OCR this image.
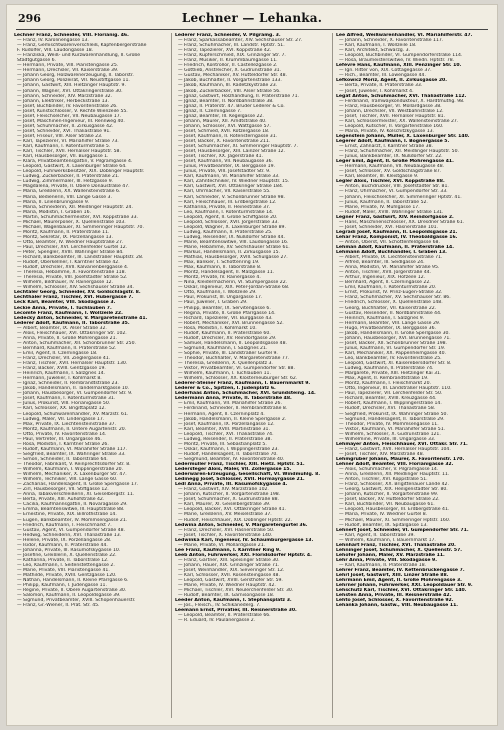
296	Lechner — Lehanka.
Lechner Franz, Schneider, VIII. Florianig. 46.
— Franz, IV. Karolinengasse 13.
— Franz, Gemischtwarenverschleiß, Kapfenbergerstraße
F. Rudolfer, VIII. Laudongasse 18.
— Franziska, Weiß- und Kurzwarenhandlung, II. Große
Stadtgutgasse 6.
— Hermann, Private, VIII. Piaristengasse 25.
— Hermann, Drechsler, VII. Kaiserstraße 39.
— Johann Georg, Holzwarenerzeugung, II. Taborstr.
— Johann Georg, Polizeirat, VII. Neustiftgasse 11.
— Johann, Gastwirt, XIII. Hietzinger Hauptstr. 9.
— Johann, Wagner, XVI. Ottakringerstraße 30.
— Johann, Schneider, XIV. Märzstraße 32.
— Johann, Elektriker, Herbeckstraße 13.
— Josef, Buchbinder, IV. Favoritenstraße 26.
— Josef, Kunstschlosser, V. Rechte Wienzeile 55.
— Josef, Fleischselcher, VII. Neubaugasse 17.
— Josef, Maschinen-Ingenieur, III. Rennweg 40.
— Josef, Schuhmacher, II. Zirkusgasse 42.
— Josef, Schneider, XVI. Thaliastraße 91.
— Josef, Friseur, VIII. Alser Straße 23.
— Karl, Tapezierer, VI. Mariahilfer Straße 73.
— Karl, Kaufmann, I. Rotenturmstraße 5.
— Karl, Tischler, XVII. Hernalser Hauptstr. 58.
— Karl, Hausbesorger, VII. Burggasse 1.
— Klara, Privatbeamtensgattin, V. Pilgramgasse 4.
— Leopold, Gastwirt, X. Laxenburger Straße 64.
— Leopold, Fuhrwerksbesitzer, XIX. Döblinger Hauptstr.
— Ludwig, Zuckerbäcker, II. Praterstraße 21.
— Ludwig, Zimmermaler, III. Hetzgasse 9.
— Magdalena, Private, II. Obere Donaustraße 47.
— Maria, Greißlerin, XX. Wallensteinstraße 6.
— Maria, Bedienerin, VIII. Lange Gasse 3.
— Maria, II. Lilienbrunngasse 9.
— Maria, Schneiderin, XII. Meidlinger Hauptstr. 24.
— Maria, Modistin, I. Graben 16.
— Martin, Schuhmachermeister, XVI. Koppstraße 33.
— Michael, Maurerpolier, X. Quellenstraße 103.
— Michael, Wagenbauer, XI. Simmeringer Hauptstr. 70.
— Moritz, Kaufmann, II. Praterstraße 11.
— Moritz, Sekretär, IX. Porzellangasse 13.
— Otto, Beamter, IV. Wiedner Hauptstraße 27.
— Paul, Drechsler, XVI. Lerchenfelder Gürtel 12.
— Peter, Spengler, XVIII. Währinger Straße 84.
— Richard, Bankbeamter, III. Landstraßer Hauptstr. 28.
— Rudolf, Oberkellner, I. Kärntner Straße 42.
— Rudolf, Drechsler, XVII. Kalvarienberggasse 4.
— Theresia, Hebamme, X. Favoritenstraße 118.
— Theresia, Private, VIII. Josefstädter Straße 52.
— Wilhelm, Bildhauer, IV. Rainergasse 12.
— Wilhelm, Schlosser, XIV. Sechshauser Straße 34.
Lechtaler Georg, Schneider, XV. Goldschlagstr. 8.
Lechthaler Franz, Tischler, XVI. Hubergasse 7.
Leck Karl, Beamter, VIII. Skodagasse 3.
Leckie Anna, Private, I. Tuchlauben 7.
Lecomte Franz, Kaufmann, I. Wollzeile 22.
Ledecky Anton, Schneider, V. Margaretenstraße 41.
Lederer Adolf, Kaufmann, II. Taborstraße 35.
— Albert, Beamter, IX. Alser Straße 32.
— Alois, Fleischhauer, XVI. Ottakringer Str. 102.
— Anna, Private, II. Große Mohrengasse 21.
— Anton, Schuhmacher, XII. Schönbrunner Str. 250.
— Bernhard, Kaufmann, II. Praterstraße 52.
— Emil, Agent, II. Czerningasse 18.
— Franz, Drechsler, VII. Zieglergasse 41.
— Franz, Tischler, XVII. Hernalser Hauptstr. 130.
— Franz, Bäcker, XVIII. Gentzgasse 19.
— Heinrich, Kaufmann, I. Salzgries 14.
— Hermann, Juwelier, I. Kohlmarkt 8.
— Ignaz, Schneider, II. Rembrandtstraße 23.
— Jakob, Handelsmann, II. Tandelmarktgasse 10.
— Johann, Hausbesorger, VI. Gumpendorfer Str. 9.
— Josef, Kaufmann, I. Rotenturmstraße 31.
— Julius, Prokurist, VIII. Florianigasse 50.
— Karl, Schlosser, XX. Brigittaplatz 12.
— Leopold, Schuhwarenhändler, XV. Märzstr. 61.
— Ludwig, Maler, VII. Lindengasse 17.
— Max, Private, IX. Liechtensteinstraße 37.
— Moritz, Kaufmann, II. Untere Augartenstr. 20.
— Otto, Private, IV. Favoritenstraße 14.
— Paul, Vertreter, III. Ungargasse 46.
— Rosa, Modistin, I. Kärntner Straße 26.
— Rudolf, Kaufmann, VI. Mariahilfer Straße 117.
— Siegfried, Beamter, IX. Währinger Straße 33.
— Simon, Schneider, II. Taborstraße 64.
— Theodor, Fabrikant, V. Reinprechtsdorfer Str. 8.
— Wilhelm, Kaufmann, I. Wipplingerstraße 20.
— Wilhelm, Mechaniker, X. Laxenburger Str. 47.
— Wilhelm, Techniker, VIII. Lange Gasse 60.
— Zacharias, Handelsagent, II. Große Sperlgasse 17.
— Zirl, Hausbesorger, VII. Stiftgasse 12.
— Anna, Tabakverschleißerin, XI. Geiselbergstr. 11.
— Berta, Private, XIII. Auhofstraße 42.
— Cäcilia, Kaufmannsgattin, II. Novaragasse 29.
— Emma, Beamtenswitwe, III. Hauptstraße 88.
— Ernestine, Private, XIX. Billrothstraße 14.
— Eugen, Bankbeamter, IV. Mommsengasse 21.
— Friedrich, Kaufmann, I. Fleischmarkt 7.
— Gustav, Agent, VI. Gumpendorfer Straße 48.
— Hedwig, Schneiderin, XVI. Thaliastraße 13.
— Helene, Private, IX. Porzellangasse 28.
— Isidor, Kaufmann, II. Praterstraße 44.
— Johanna, Private, III. Rasumofskygasse 10.
— Josefine, Greißlerin, X. Quellenstraße 22.
— Katharina, Private, II. Taborstraße 12.
— Leo, Kaufmann, I. Seitenstettengasse 2.
— Marie, Private, VIII. Piaristengasse 41.
— Mathilde, Private, XVIII. Gentzgasse 120.
— Nathan, Handelsmann, II. Kleine Pfarrgasse 6.
— Philipp, Kaufmann, I. Judengasse 11.
— Regine, Private, II. Obere Augartenstraße 30.
— Salomon, Kaufmann, II. Leopoldsgasse 39.
— Sigmund, Privatbeamter, XVIII. Schopenhauerstr.
— Franz, Gr.-Wiener, II. Prat. Str. 45.
Lederer Franz, Schneider, V. Pilgramg. 3.
— Franz, Sparkassabeamter, XIV. Sechshauser Str. 27.
— Franz, Schuhmacher, III. Landstr. Hptstr. 51.
— Franz, Tapezierer, XVI. Koppstraße 42.
— Franz, Kupferschmied, XIX. Grinzinger Str. 7.
— Franz, Musiker, II. Krummbaumgasse 11.
— Friedrich, Kontrollor, II. Castellezgasse 2.
— Gottlieb, Anstreicher, X. Gudrunstraße 31.
— Gustav, Mechaniker, XV. Hütteldorfer Str. 48.
— Jakob, Buchhalter, II. Vorgartenstraße 133.
— Jakob, Kaufmann, III. Radetzkystraße 23.
— Jakob, Zuckerbäcker, VIII. Alser Straße 56.
— Jgnaz, Gastwirt, Holzhandlung, II. Praterstraße 71.
— Jgnaz, Beamter, II. Nordbahnstraße 38.
— Jgnaz, II. Praterstr. 47. Brüder Lederer & Co.
— Jgnaz, II. Czerningasse 7.
— Jgnaz, Beamter, III. Kegelgasse 22.
— Johann, Maurer, XII. Arndtstraße 40.
— Johann, Schlosser, XVI. Wattgasse 57.
— Josef, Schmied, XVII. Rötzergasse 18.
— Josef, Kaufmann, II. Rotensterngasse 31.
— Josef, Bäcker, X. Favoritenstraße 211.
— Josef, Schuhmacher, XI. Simmeringer Hauptstr. 7.
— Josef, Hausbesorger, XIII. Lainzer Straße 12.
— Josef, Tischler, XX. Jägerstraße 41.
— Josef, Kaufmann, VII. Neubaugasse 36.
— Julius, Privatbeamter, IX. Berggasse 19.
— Julius, Private, VIII. Josefstädter Str. 9.
— Karl, Kaufmann, VI. Mariahilfer Straße 33.
— Karl, Zahntechniker, IV. Wiedner Hauptstr. 15.
— Karl, Gastwirt, XVI. Ottakringer Straße 184.
— Karl, Uhrmacher, VII. Kaiserstraße 55.
— Karl, Schneider, V. Schönbrunner Straße 98.
— Karl, Fleischhauer, III. Erdbergstraße 12.
— Katharina, Private, II. Heinestraße 37.
— Leo, Kaufmann, I. Rotenturmstraße 14.
— Leopold, Agent, II. Große Schiffgasse 20.
— Leopold, Schlosser, XVII. Jörgerstraße 33.
— Leopold, Wagner, X. Laxenburger Straße 89.
— Ludwig, Kaufmann, II. Praterstraße 25.
— Ludwig, Reisender, IX. Nußdorfer Straße 44.
— Marie, Beamtenswitwe, VIII. Laudongasse 16.
— Marie, Hebamme, XV. Sechshauser Straße 61.
— Markus, Handelsmann, II. Zirkusgasse 15.
— Mathias, Hausbesorger, XVIII. Schulgasse 27.
— Max, Bankier, I. Schottenring 19.
— Max, Kaufmann, II. Taborstraße 8.
— Moritz, Handelsagent, II. Malzgasse 11.
— Moritz, Private, IV. Rainergasse 4.
— Nina, Kleidermacherin, VI. Stumpergasse 22.
— Oskar, Ingenieur, XIX. Peter-Jordan-Straße 68.
— Otto, Kaufmann, I. Wollzeile 29.
— Paul, Prokurist, III. Ungargasse 17.
— Paul, Juwelier, I. Graben 29.
— Philipp, Beamter, IX. Servitengasse 6.
— Regina, Private, II. Große Pfarrgasse 14.
— Richard, Tapezierer, VII. Burggasse 43.
— Robert, Mechaniker, XVI. Brunnengasse 52.
— Rosa, Modistin, I. Kohlmarkt 10.
— Rudolf, Kaufmann, II. Praterstraße 60.
— Rudolf, Drechsler, XV. Reindorfgasse 29.
— Samuel, Handelsmann, II. Leopoldsgasse 48.
— Sigmund, Kaufmann, I. Salzgries 21.
— Sophie, Private, III. Landstraßer Gürtel 9.
— Theodor, Buchhalter, V. Margaretenstraße 77.
— Theresia, Greißlerin, X. Quellenplatz 3.
— Viktor, Privatbeamter, VI. Gumpendorfer Str. 88.
— Wilhelm, Kaufmann, I. Tuchlauben 11.
— Wilhelm, Schlosser, XX. Klosterneuburger Str. 62.
Lederer-Steiner Franz, Kaufmann, I. Bauernmarkt 9.
Lederer & Co., Spitzen, I. Judenplatz 6.
Lederhaas Anton, Schuhmacher, XVI. Grundsteing. 14.
Ledermann Anna, Private, II. Taborstraße 48.
— Emil, Kaufmann, VII. Mariahilfer Straße 26.
— Ferdinand, Schneider, II. Rembrandtstraße 8.
— Hermann, Agent, II. Czerninplatz 4.
— Jakob, Handelsmann, II. Kleine Sperlgasse 2.
— Josef, Kaufmann, IX. Porzellangasse 12.
— Karl, Beamter, XVIII. Martinstraße 31.
— Leopold, Tischler, XVI. Thaliastraße 74.
— Ludwig, Reisender, II. Praterstraße 38.
— Moritz, Private, III. Sebastianplatz 5.
— Oskar, Kaufmann, I. Wipplingerstraße 23.
— Rudolf, Handelsagent, II. Taborstraße 70.
— Siegmund, Beamter, IV. Favoritenstraße 40.
Ledermüller Franz, Tischler, XIII. Hietz. Hptstr. 51.
Ledersteger Alois, Maler, VII. Zollergasse 15.
Lederwaren-Erzeugung, Gesellschaft, VI. Windmühlg. 8.
Ledinegg Josef, Schlosser, XVII. Hormayrgasse 21.
Ledl Anna, Private, III. Rasumofskygasse 4.
— Franz, Gastwirt, XIV. Märzstraße 102.
— Johann, Kutscher, II. Vorgartenstraße 198.
— Josef, Schuhmacher, X. Gudrunstraße 88.
— Karl, Maurer, XI. Geiselbergstraße 39.
— Leopold, Bäcker, XVI. Ottakringer Straße 41.
— Marie, Greißlerin, XV. Meiselstraße 37.
— Rudolf, Fleischhauer, XIX. Döblinger Hptstr. 22.
Ledwina Anton, Schneider, V. Margaretengürtel 36.
— Franz, Drechsler, XVI. Hasnerstraße 50.
— Josef, Tischler, X. Favoritenstraße 140.
Ledwinka Karl, Ingenieur, IV. Schaumburgergasse 13.
— Marie, Private, VI. Mollardgasse 21.
Lee Franz, Kaufmann, I. Kärntner Ring 9.
Leeb Anton, Fuhrwerker, XXI. Floridsdorfer Hptstr. 4.
— Franz, Gärtner, XIII. Speisinger Straße 30.
— Johann, Hauer, XIX. Grinzinger Straße 71.
— Josef, Weinhändler, XIX. Sieveringer Str. 12.
— Karl, Schlosser, XVII. Rosensteingasse 48.
— Leopold, Gastwirt, XVIII. Gersthofer Str. 59.
— Marie, Private, IV. Wiedner Hauptstr. 42.
— Michael, Tischler, XVI. Neulerchenfelder Str. 30.
— Rudolf, Beamter, IX. Garnisongasse 18.
Leeder Anton, Kaufmann, I. Stephansplatz 3.
— Jos., Fleisch., IV. Schikanederg. 7.
Leemann Ernst, Privatier, III. Reisnerstraße 30.
— Leopold, Beamter, II. Praterstraße 66.
— R. Eduard, IV. Paulanergasse 2.
Lee Alfred, Weißwarenhändler, VI. Mariahilferstr. 47.
— Johann, Schneider, X. Favoritenstraße 117.
— Karl, Kaufmann, I. Wollzeile 18.
— Karl, Architekt, Schwarzg. 3.
— Leopold, Buchbinder, VI. Gumpendorferstraße 114.
— Rosa, Braumeisterswitwe, IV. Wiedn. Hptstr. 78.
Lefèvre Hans, Kaufmann, XIII. Penzinger Str. 10.
— Ign. Ritter von, XIX. Cottagegasse 37.
— Rich., Beamter, III. Löwengasse 44.
Lefkowicz Moriz, Agent, II. Zirkusgasse 20.
— Berta, Private, II. Praterstraße 33.
— Josef, Juwelier, I. Kohlmarkt 4.
Legat Anton, Schuhmacher, XVI. Thaliastraße 112.
— Ferdinand, Tramwaykondukteur, X. Hardtmuthg. 98.
— Franz, Hausbesorger, VI. Mollardgasse 38.
— Johann, Drechsler, VII. Westbahnstraße 12.
— Josef, Tischler, XVII. Hernalser Hauptstr. 81.
— Karl, Schlossermeister, XX. Wallensteinstraße 27.
— Leopold, Kutscher, II. Vorgartenstraße 160.
— Maria, Private, IV. Kolschitzkygasse 13.
Legenstein Johann, Müller, X. Laxenburger Str. 140.
Legerer Adolf, Kaufmann, I. Bognergasse 5.
— Ernst, Zahnarzt, I. Kärntner Straße 38.
— Franz, Schuhmacher, XII. Meidlinger Hauptstr. 50.
— Julius, Bankbeamter, IX. Nußdorfer Str. 22.
Leger Emil, Agent, II. Große Mohrengasse 41.
— Hermann, Kaufmann, VII. Neubaugasse 48.
— Josef, Schlosser, XV. Goldschlagstraße 87.
— Karl, Beamter, III. Kleistgasse 9.
Legler Alois, Tischler, XVI. Koppstraße 88.
— Anton, Buchdrucker, VIII. Josefstädter Str. 81.
— Franz, Uhrmacher, VI. Gumpendorfer Str. 33.
— Johann, Fleischselcher, XI. Simmeringer Hptstr. 41.
— Julius, Kaufmann, II. Taborstraße 52.
— Marie, Private, IV. Mühlgasse 17.
— Rudolf, Maler, XVIII. Währinger Straße 131.
Legner Franz, Gastwirt, XIV. Reindorfgasse 2.
— Hans, Maschinenschlosser, XX. Dresdner Straße 61.
— Josef, Schneider, XVI. Hasnerstraße 101.
Legradi Josef, Kaufmann, II. Leopoldsgasse 21.
Lehar Franz, Komponist, IV. Theobaldgasse 16.
— Anton, Oberst, VII. Schottenfeldgasse 68.
Lehman Adolf, Kaufmann, II. Praterstraße 14.
Lehmann Adolf, Buchhändler, I. Graben 13.
— Albert, Private, IX. Liechtensteinstraße 71.
— Alfred, Beamter, III. Seidlgasse 24.
— Anna, Modistin, VI. Mariahilfer Straße 95.
— Anton, Tischler, XVII. Jörgerstraße 44.
— Arthur, Ingenieur, XIX. Hofzeile 12.
— Bernhard, Agent, II. Czerningasse 22.
— Emil, Kaufmann, I. Rotenturmstraße 20.
— Ernst, Prokurist, IV. Prinz-Eugen-Straße 32.
— Franz, Schuhmacher, XV. Sechshauser Str. 86.
— Friedrich, Schlosser, X. Quellenstraße 148.
— Georg, Buchhalter, VII. Kaiserstraße 22.
— Gustav, Reisender, II. Nordbahnstraße 44.
— Heinrich, Kaufmann, I. Salzgries 9.
— Hermann, Beamter, VIII. Lange Gasse 29.
— Hugo, Privatbeamter, IX. Berggasse 36.
— Jakob, Handelsmann, II. Große Sperlgasse 30.
— Johann, Hausbesorger, XVI. Brunnengasse 71.
— Josef, Bäcker, XII. Schönbrunner Straße 198.
— Julius, Kaufmann, VI. Gumpendorfer Str. 19.
— Karl, Mechaniker, XX. Pappenheimgasse 40.
— Leo, Bankbeamter, IV. Favoritenstraße 25.
— Leopold, Gastwirt, XI. Kaiserebersdorfer Str. 8.
— Ludwig, Kaufmann, II. Praterstraße 74.
— Margarete, Private, XIII. Hietzinger Kai 31.
— Max, Agent, II. Rembrandtstraße 19.
— Moritz, Kaufmann, I. Fleischmarkt 20.
— Otto, Ingenieur, III. Landstraßer Hauptstr. 110.
— Paul, Tapezierer, VII. Lerchenfelder Str. 50.
— Richard, Beamter, XVIII. Kreuzgasse 44.
— Robert, Kaufmann, I. Wipplingerstraße 14.
— Rudolf, Drechsler, XVI. Thaliastraße 58.
— Siegfried, Prokurist, IX. Währinger Straße 50.
— Sigmund, Handelsagent, II. Taborstraße 29.
— Theodor, Private, IV. Mommsengasse 11.
— Viktor, Kaufmann, VI. Mariahilfer Straße 51.
— Wilhelm, Schlosser, X. Gudrunstraße 121.
— Wilhelmine, Private, III. Ungargasse 33.
Lehmayer Anton, Fleischhauer, XVI. Ottakr. Str. 71.
— Franz, Gastwirt, XVII. Hernalser Hauptstr. 104.
— Josef, Tischler, XIV. Märzstraße 48.
Lehmgruber Johann, Maurer, X. Favoritenstr. 170.
Lehner Adolf, Beamter, VIII. Florianigasse 32.
— Alois, Schuhmacher, V. Pilgramgasse 14.
— Anna, Greißlerin, XII. Meidlinger Hauptstr. 11.
— Anton, Tischler, XVI. Koppstraße 51.
— Franz, Schlosser, XX. Brigittenauer Lände 42.
— Georg, Gastwirt, XIX. Heiligenstädter Str. 80.
— Johann, Kutscher, II. Vorgartenstraße 99.
— Josef, Bäcker, XV. Hütteldorfer Straße 22.
— Karl, Buchbinder, VII. Neubaugasse 61.
— Leopold, Hausbesorger, III. Erdbergstraße 41.
— Maria, Private, IV. Wiedner Gürtel 8.
— Michael, Maurer, XI. Simmeringer Hptstr. 160.
— Rudolf, Beamter, IX. Spitalgasse 13.
Lehnert Josef, Schneider, VI. Gumpendorfer Str. 71.
— Karl, Agent, II. Taborstraße 39.
— Wilhelm, Kaufmann, I. Bauernmarkt 17.
Lehnhart Franz, Tischler, XVI. Thaliastraße 20.
Lehninger Josef, Schuhmacher, X. Quellenstr. 57.
Lehofer Johann, Maler, XV. Märzstraße 11.
Lehr Anna, Private, VIII. Skodagasse 9.
— Karl, Kaufmann, II. Praterstraße 18.
Lehrer Franz, Beamter, IV. Kettenbrückengasse 7.
Lehrl Josef, Gastwirt, XIII. Linzer Straße 88.
Lehrmann Emil, Agent, II. Große Mohrengasse 3.
Lehrner Johann, Fuhrwerker, XXI. Leopoldauer Str. 9.
Lehschütz Karl, Tischler, XVI. Ottakringer Str. 140.
Lehsten Anna, Private, III. Reisnerstraße 42.
Lehto Josef, Schlosser, X. Favoritenstraße 92.
Lehanka Johann, Gastw., VIII. Neubaugasse 11.
